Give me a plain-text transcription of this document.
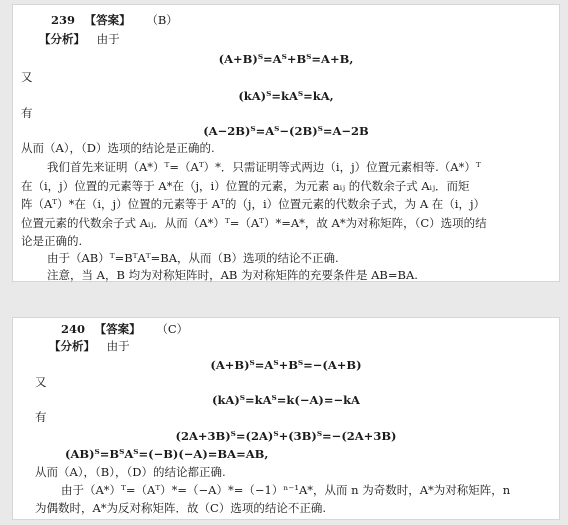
239 【答案】 （B）
【分析】 由于
(A+B)ᵀ=Aᵀ+Bᵀ=A+B,
又
(kA)ᵀ=kAᵀ=kA,
有
(A−2B)ᵀ=Aᵀ−(2B)ᵀ=A−2B
从而（A），（D）选项的结论是正确的.
我们首先来证明（A*）ᵀ=（Aᵀ）*．只需证明等式两边（i，j）位置元素相等.（A*）ᵀ
在（i，j）位置的元素等于 A*在（j，i）位置的元素，为元素 aᵢⱼ 的代数余子式 Aᵢⱼ．而矩
阵（Aᵀ）*在（i，j）位置的元素等于 Aᵀ的（j，i）位置元素的代数余子式，为 A 在（i，j）
位置元素的代数余子式 Aᵢⱼ．从而（A*）ᵀ=（Aᵀ）*=A*，故 A*为对称矩阵，（C）选项的结
论是正确的.
由于（AB）ᵀ=BᵀAᵀ=BA，从而（B）选项的结论不正确.
注意，当 A，B 均为对称矩阵时，AB 为对称矩阵的充要条件是 AB=BA.
240 【答案】 （C）
【分析】 由于
(A+B)ᵀ=Aᵀ+Bᵀ=−(A+B)
又
(kA)ᵀ=kAᵀ=k(−A)=−kA
有
(2A+3B)ᵀ=(2A)ᵀ+(3B)ᵀ=−(2A+3B)
(AB)ᵀ=BᵀAᵀ=(−B)(−A)=BA=AB,
从而（A），（B），（D）的结论都正确.
由于（A*）ᵀ=（Aᵀ）*=（−A）*=（−1）ⁿ⁻¹A*，从而 n 为奇数时，A*为对称矩阵，n
为偶数时，A*为反对称矩阵．故（C）选项的结论不正确.
